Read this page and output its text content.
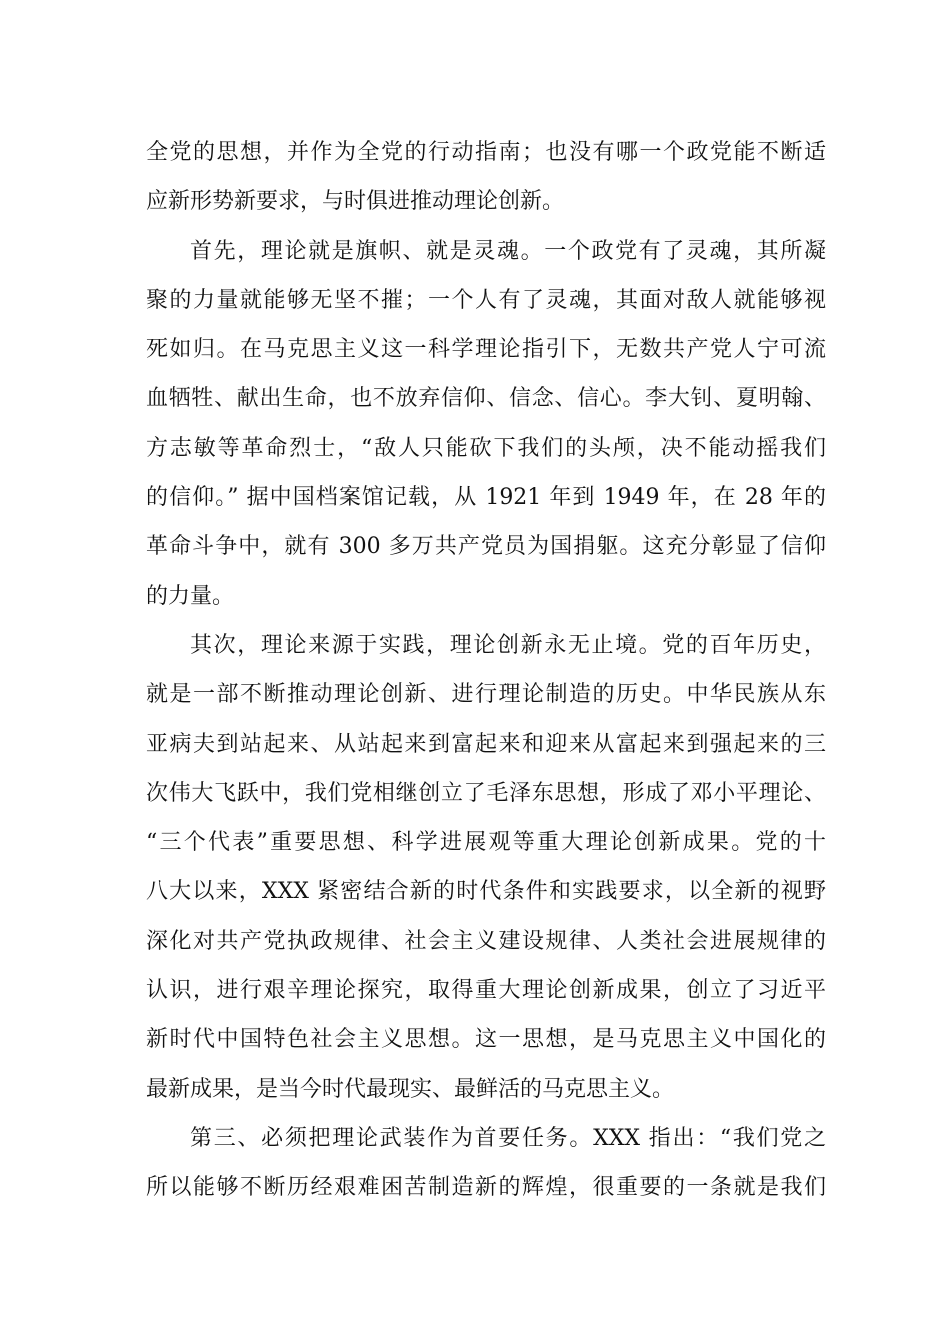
全党的思想，并作为全党的行动指南；也没有哪一个政党能不断适
应新形势新要求，与时俱进推动理论创新。
首先，理论就是旗帜、就是灵魂。一个政党有了灵魂，其所凝
聚的力量就能够无坚不摧；一个人有了灵魂，其面对敌人就能够视
死如归。在马克思主义这一科学理论指引下，无数共产党人宁可流
血牺牲、献出生命，也不放弃信仰、信念、信心。李大钊、夏明翰、
方志敏等革命烈士，“敌人只能砍下我们的头颅，决不能动摇我们
的信仰。” 据中国档案馆记载，从 1921 年到 1949 年，在 28 年的
革命斗争中，就有 300 多万共产党员为国捐躯。这充分彰显了信仰
的力量。
其次，理论来源于实践，理论创新永无止境。党的百年历史，
就是一部不断推动理论创新、进行理论制造的历史。中华民族从东
亚病夫到站起来、从站起来到富起来和迎来从富起来到强起来的三
次伟大飞跃中，我们党相继创立了毛泽东思想，形成了邓小平理论、
“三个代表”重要思想、科学进展观等重大理论创新成果。党的十
八大以来，XXX 紧密结合新的时代条件和实践要求，以全新的视野
深化对共产党执政规律、社会主义建设规律、人类社会进展规律的
认识，进行艰辛理论探究，取得重大理论创新成果，创立了习近平
新时代中国特色社会主义思想。这一思想，是马克思主义中国化的
最新成果，是当今时代最现实、最鲜活的马克思主义。
第三、必须把理论武装作为首要任务。XXX 指出：“我们党之
所以能够不断历经艰难困苦制造新的辉煌，很重要的一条就是我们
